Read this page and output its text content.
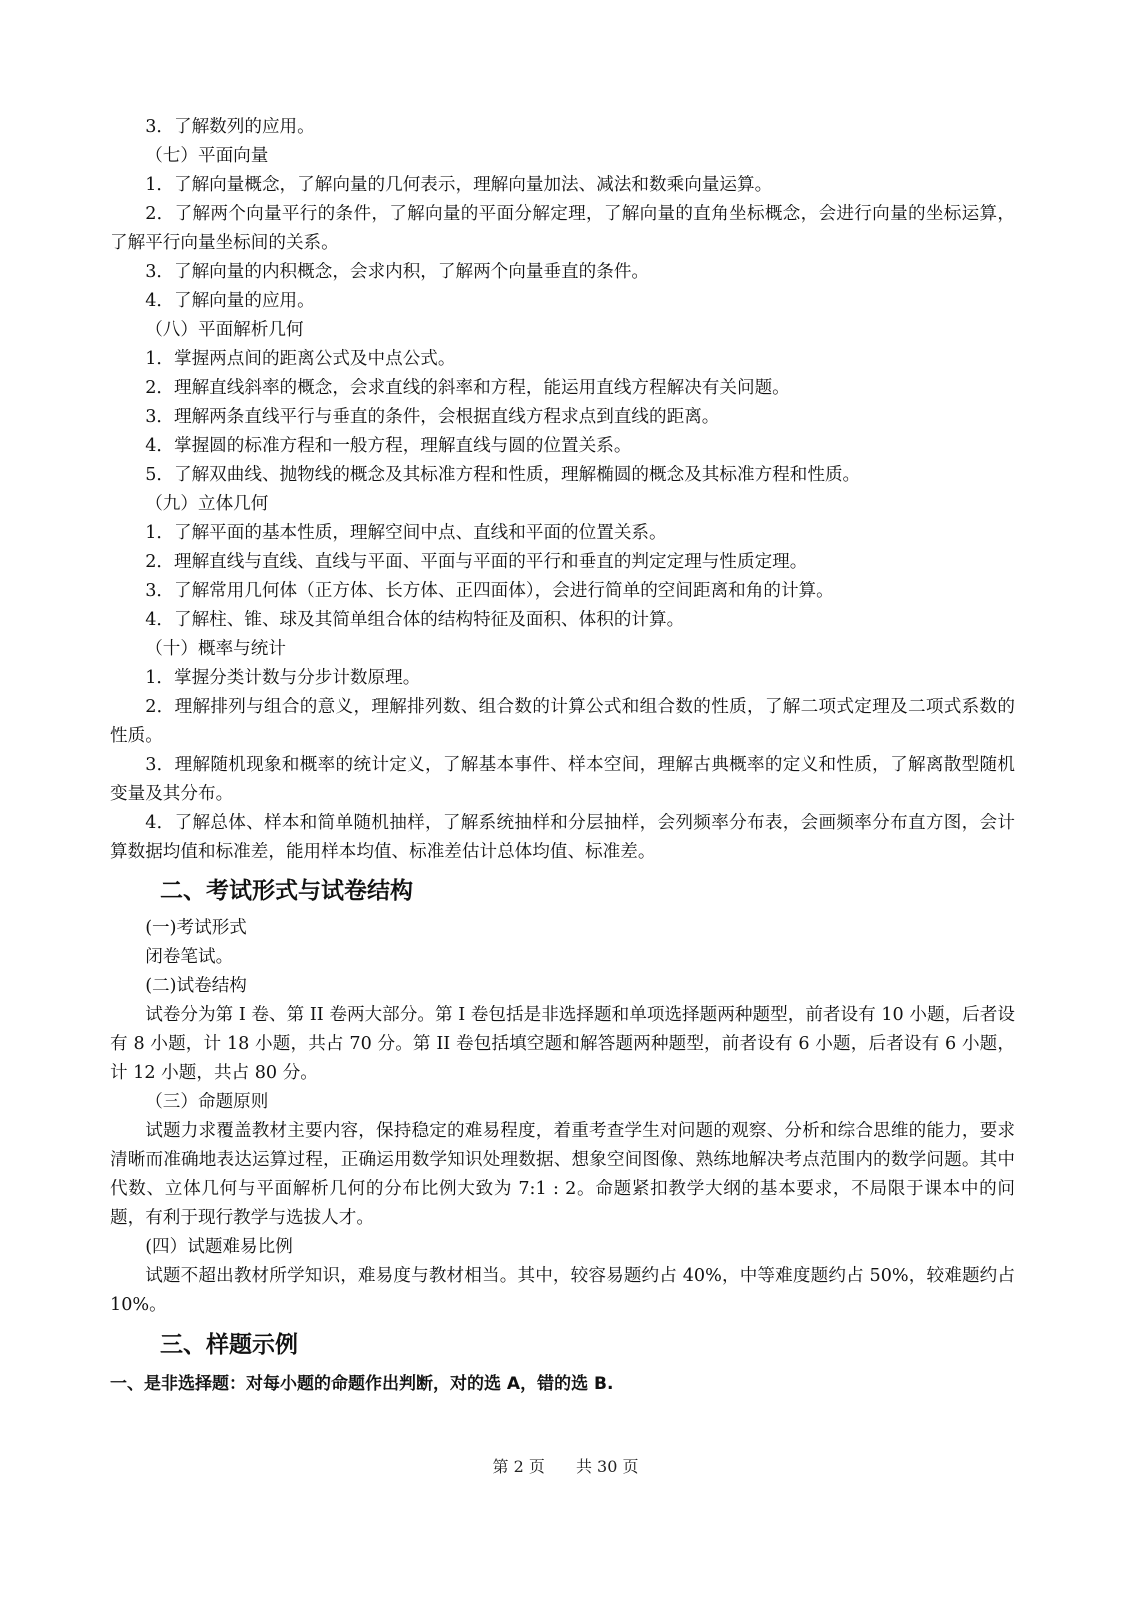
3．了解数列的应用。

（七）平面向量

1．了解向量概念，了解向量的几何表示，理解向量加法、减法和数乘向量运算。

2．了解两个向量平行的条件，了解向量的平面分解定理，了解向量的直角坐标概念，会进行向量的坐标运算，了解平行向量坐标间的关系。

3．了解向量的内积概念，会求内积，了解两个向量垂直的条件。

4．了解向量的应用。

（八）平面解析几何

1．掌握两点间的距离公式及中点公式。

2．理解直线斜率的概念，会求直线的斜率和方程，能运用直线方程解决有关问题。

3．理解两条直线平行与垂直的条件，会根据直线方程求点到直线的距离。

4．掌握圆的标准方程和一般方程，理解直线与圆的位置关系。

5．了解双曲线、抛物线的概念及其标准方程和性质，理解椭圆的概念及其标准方程和性质。

（九）立体几何

1．了解平面的基本性质，理解空间中点、直线和平面的位置关系。

2．理解直线与直线、直线与平面、平面与平面的平行和垂直的判定定理与性质定理。

3．了解常用几何体（正方体、长方体、正四面体），会进行简单的空间距离和角的计算。

4．了解柱、锥、球及其简单组合体的结构特征及面积、体积的计算。

（十）概率与统计

1．掌握分类计数与分步计数原理。

2．理解排列与组合的意义，理解排列数、组合数的计算公式和组合数的性质，了解二项式定理及二项式系数的性质。

3．理解随机现象和概率的统计定义，了解基本事件、样本空间，理解古典概率的定义和性质，了解离散型随机变量及其分布。

4．了解总体、样本和简单随机抽样，了解系统抽样和分层抽样，会列频率分布表，会画频率分布直方图，会计算数据均值和标准差，能用样本均值、标准差估计总体均值、标准差。

二、考试形式与试卷结构

(一)考试形式

闭卷笔试。

(二)试卷结构

试卷分为第 I 卷、第 II 卷两大部分。第 I 卷包括是非选择题和单项选择题两种题型，前者设有 10 小题，后者设有 8 小题，计 18 小题，共占 70 分。第 II 卷包括填空题和解答题两种题型，前者设有 6 小题，后者设有 6 小题，计 12 小题，共占 80 分。

（三）命题原则

试题力求覆盖教材主要内容，保持稳定的难易程度，着重考查学生对问题的观察、分析和综合思维的能力，要求清晰而准确地表达运算过程，正确运用数学知识处理数据、想象空间图像、熟练地解决考点范围内的数学问题。其中代数、立体几何与平面解析几何的分布比例大致为 7:1 : 2。命题紧扣教学大纲的基本要求，不局限于课本中的问题，有利于现行教学与选拔人才。

(四）试题难易比例

试题不超出教材所学知识，难易度与教材相当。其中，较容易题约占 40%，中等难度题约占 50%，较难题约占 10%。

三、样题示例

一、是非选择题：对每小题的命题作出判断，对的选 A，错的选 B.

第 2 页 共 30 页
